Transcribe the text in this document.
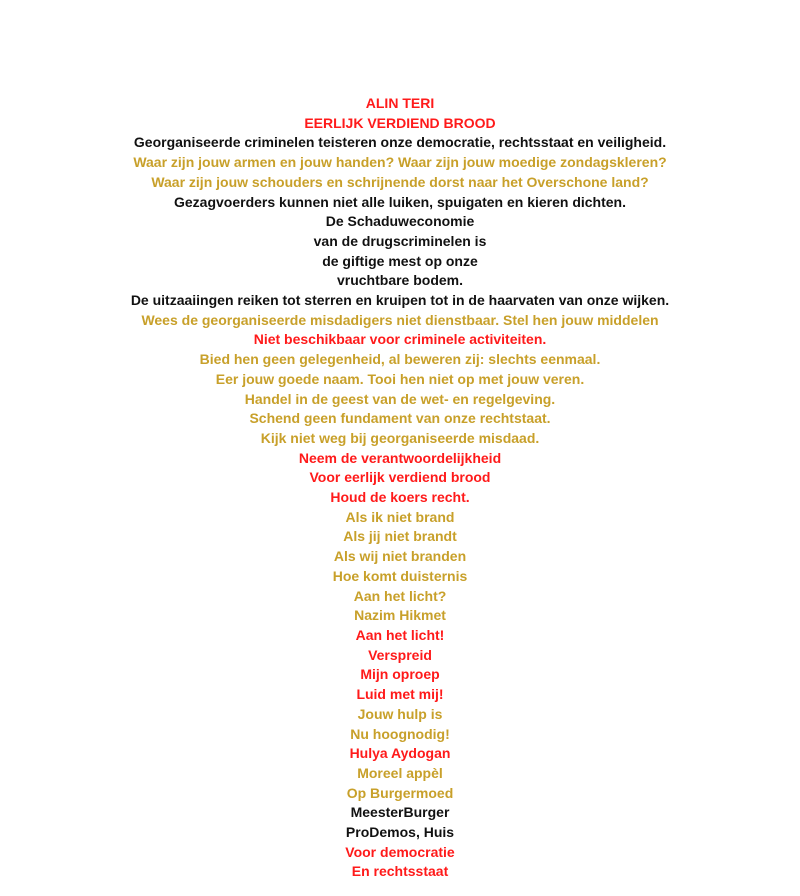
ALIN TERI
EERLIJK VERDIEND BROOD
Georganiseerde criminelen teisteren onze democratie, rechtsstaat en veiligheid.
Waar zijn jouw armen en jouw handen? Waar zijn jouw moedige zondagskleren?
Waar zijn jouw schouders en schrijnende dorst naar het Overschone land?
Gezagvoerders kunnen niet alle luiken, spuigaten en kieren dichten.
De Schaduweconomie
van de drugscriminelen is
de giftige mest op onze
vruchtbare bodem.
De uitzaaiingen reiken tot sterren en kruipen tot in de haarvaten van onze wijken.
Wees de georganiseerde misdadigers niet dienstbaar. Stel hen jouw middelen
Niet beschikbaar voor criminele activiteiten.
Bied hen geen gelegenheid, al beweren zij: slechts eenmaal.
Eer jouw goede naam. Tooi hen niet op met jouw veren.
Handel in de geest van de wet- en regelgeving.
Schend geen fundament van onze rechtstaat.
Kijk niet weg bij georganiseerde misdaad.
Neem de verantwoordelijkheid
Voor eerlijk verdiend brood
Houd de koers recht.
Als ik niet brand
Als jij niet brandt
Als wij niet branden
Hoe komt duisternis
Aan het licht?
Nazim Hikmet
Aan het licht!
Verspreid
Mijn oproep
Luid met mij!
Jouw hulp is
Nu hoognodig!
Hulya Aydogan
Moreel appèl
Op Burgermoed
MeesterBurger
ProDemos, Huis
Voor democratie
En rechtsstaat
